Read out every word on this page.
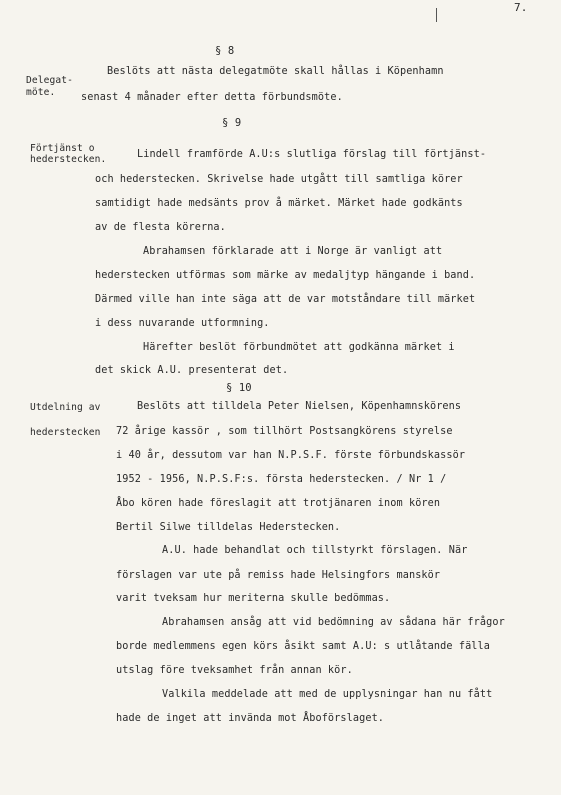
7.
§ 8
Delegat-
möte.
Beslöts att nästa delegatmöte skall hållas i Köpenhamn
senast 4 månader efter detta förbundsmöte.
§ 9
Förtjänst o
hederstecken.	Lindell framförde A.U:s slutliga förslag till förtjänst-
och hederstecken. Skrivelse hade utgått till samtliga körer
samtidigt hade medsänts prov å märket. Märket hade godkänts
av de flesta körerna.
Abrahamsen förklarade att i Norge är vanligt att
hederstecken utförmas som märke av medaljtyp hängande i band.
Därmed ville han inte säga att de var motståndare till märket
i dess nuvarande utformning.
Härefter beslöt förbundmötet att godkänna märket i
det skick A.U. presenterat det.
§ 10
Utdelning av
hederstecken
Beslöts att tilldela Peter Nielsen, Köpenhamnskörens
72 årige kassör , som tillhört Postsangkörens styrelse
i 40 år, dessutom var han N.P.S.F. förste förbundskassör
1952 - 1956, N.P.S.F:s. första hederstecken. / Nr 1 /
Åbo kören hade föreslagit att trotjänaren inom kören
Bertil Silwe tilldelas Hederstecken.
A.U. hade behandlat och tillstyrkt förslagen. När
förslagen var ute på remiss hade Helsingfors manskör
varit tveksam hur meriterna skulle bedömmas.
Abrahamsen ansåg att vid bedömning av sådana här frågor
borde medlemmens egen körs åsikt samt A.U: s utlåtande fälla
utslag före tveksamhet från annan kör.
Valkila meddelade att med de upplysningar han nu fått
hade de inget att invända mot Åboförslaget.
